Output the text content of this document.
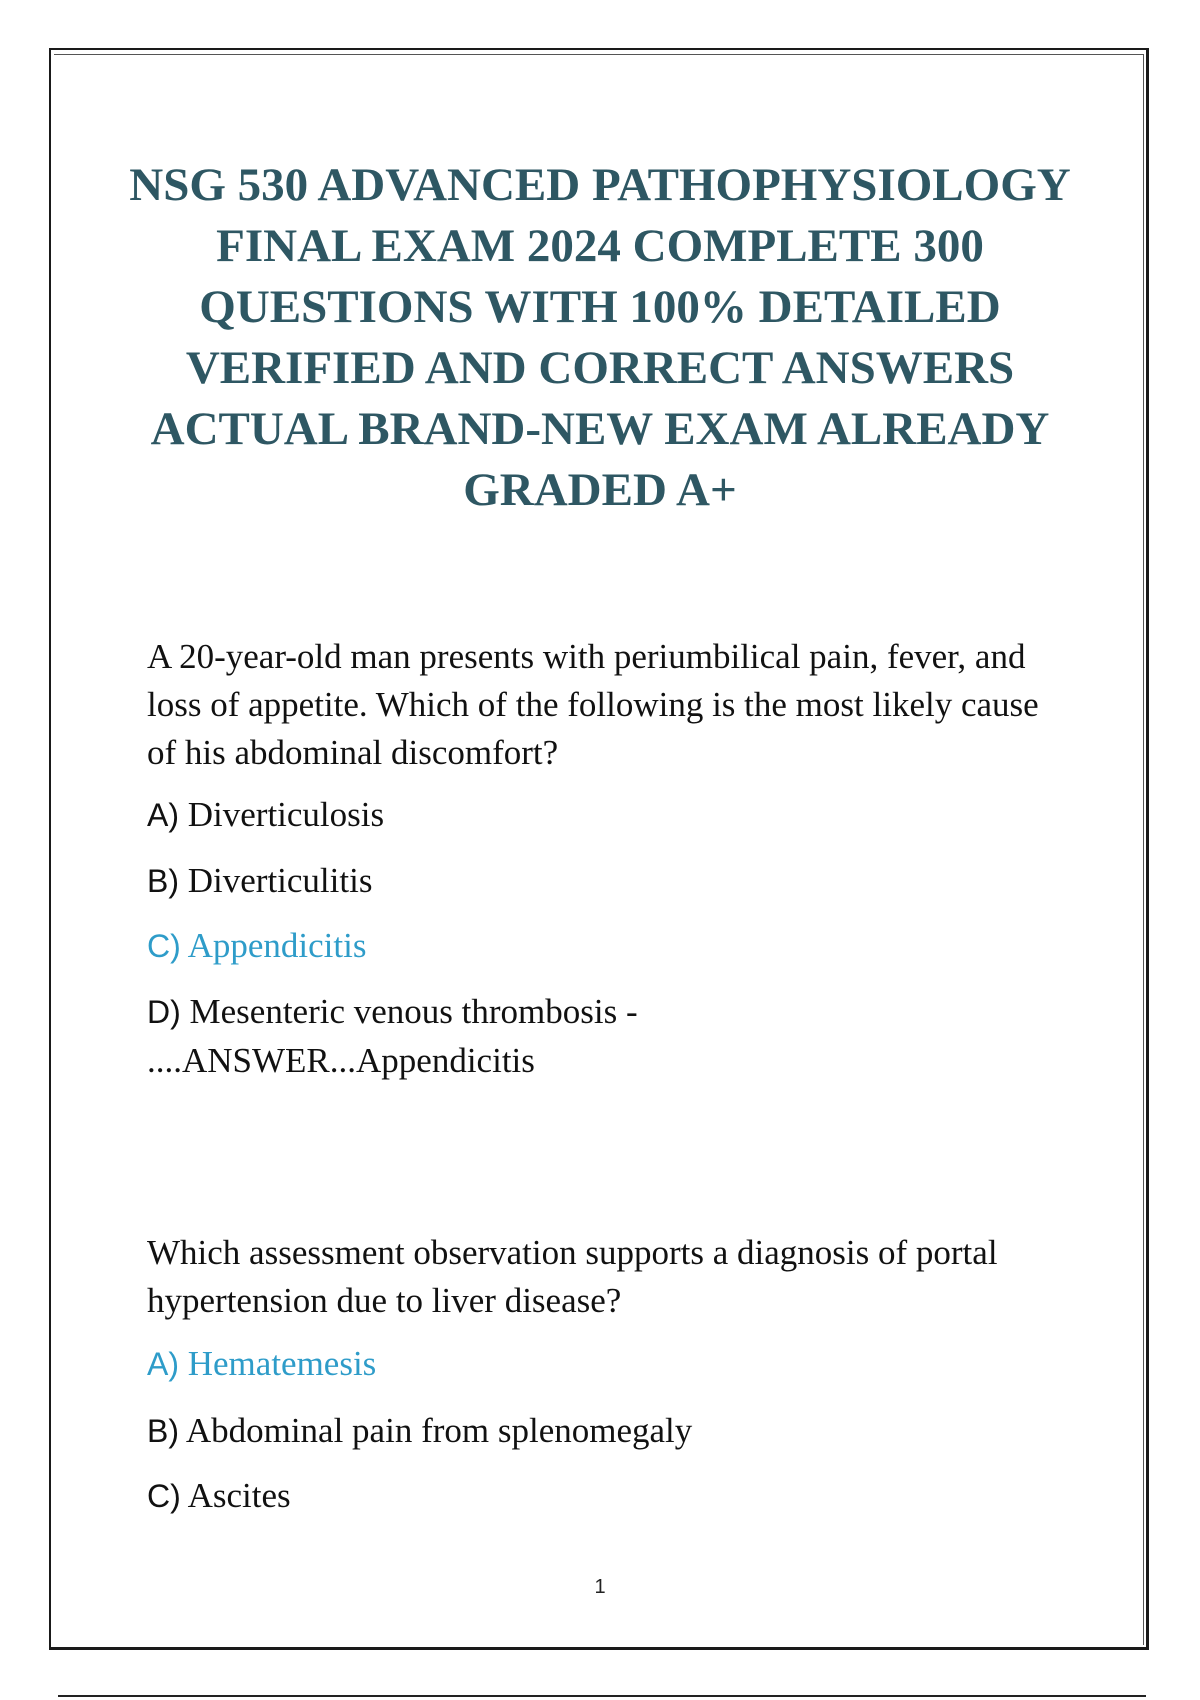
NSG 530 ADVANCED PATHOPHYSIOLOGY FINAL EXAM 2024 COMPLETE 300 QUESTIONS WITH 100% DETAILED VERIFIED AND CORRECT ANSWERS ACTUAL BRAND-NEW EXAM ALREADY GRADED A+

A 20-year-old man presents with periumbilical pain, fever, and loss of appetite. Which of the following is the most likely cause of his abdominal discomfort?

A) Diverticulosis
B) Diverticulitis
C) Appendicitis
D) Mesenteric venous thrombosis -
....ANSWER...Appendicitis

Which assessment observation supports a diagnosis of portal hypertension due to liver disease?

A) Hematemesis
B) Abdominal pain from splenomegaly
C) Ascites
1
